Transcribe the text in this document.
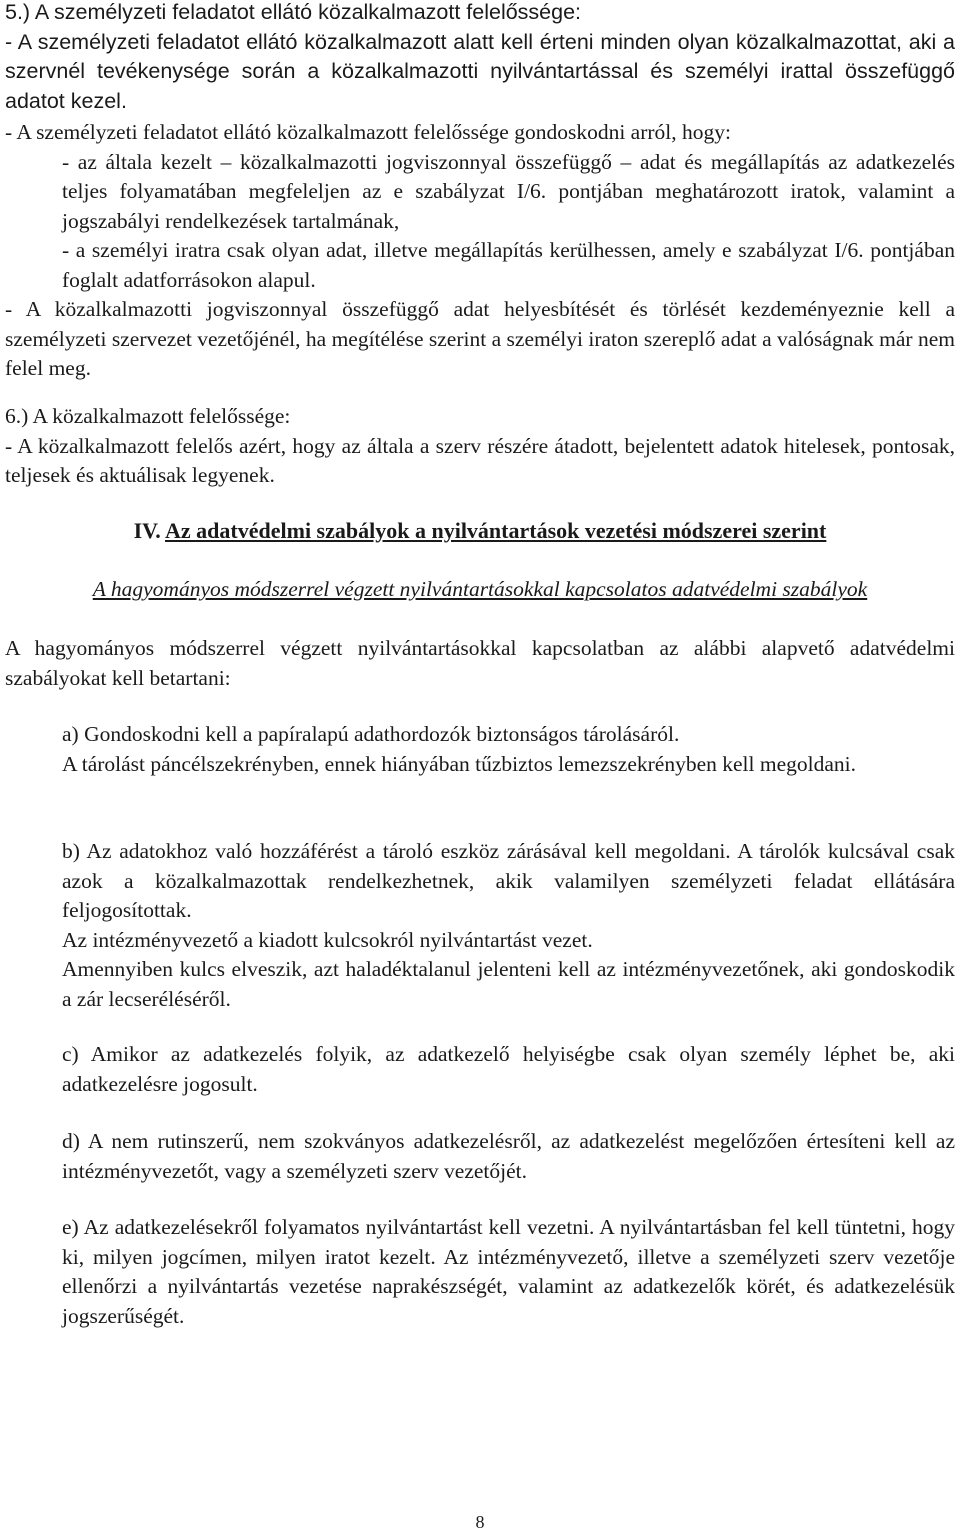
5.) A személyzeti feladatot ellátó közalkalmazott felelőssége:

- A személyzeti feladatot ellátó közalkalmazott alatt kell érteni minden olyan közalkalmazottat, aki a szervnél tevékenysége során a közalkalmazotti nyilvántartással és személyi irattal összefüggő adatot kezel.

- A személyzeti feladatot ellátó közalkalmazott felelőssége gondoskodni arról, hogy:

- az általa kezelt – közalkalmazotti jogviszonnyal összefüggő – adat és megállapítás az adatkezelés teljes folyamatában megfeleljen az e szabályzat I/6. pontjában meghatározott iratok, valamint a jogszabályi rendelkezések tartalmának,

- a személyi iratra csak olyan adat, illetve megállapítás kerülhessen, amely e szabályzat I/6. pontjában foglalt adatforrásokon alapul.

- A közalkalmazotti jogviszonnyal összefüggő adat helyesbítését és törlését kezdeményeznie kell a személyzeti szervezet vezetőjénél, ha megítélése szerint a személyi iraton szereplő adat a valóságnak már nem felel meg.

6.) A közalkalmazott felelőssége:

- A közalkalmazott felelős azért, hogy az általa a szerv részére átadott, bejelentett adatok hitelesek, pontosak, teljesek és aktuálisak legyenek.

IV. Az adatvédelmi szabályok a nyilvántartások vezetési módszerei szerint
A hagyományos módszerrel végzett nyilvántartásokkal kapcsolatos adatvédelmi szabályok

A hagyományos módszerrel végzett nyilvántartásokkal kapcsolatban az alábbi alapvető adatvédelmi szabályokat kell betartani:

a) Gondoskodni kell a papíralapú adathordozók biztonságos tárolásáról.

A tárolást páncélszekrényben, ennek hiányában tűzbiztos lemezszekrényben kell megoldani.

b) Az adatokhoz való hozzáférést a tároló eszköz zárásával kell megoldani. A tárolók kulcsával csak azok a közalkalmazottak rendelkezhetnek, akik valamilyen személyzeti feladat ellátására feljogosítottak.

Az intézményvezető a kiadott kulcsokról nyilvántartást vezet.

Amennyiben kulcs elveszik, azt haladéktalanul jelenteni kell az intézményvezetőnek, aki gondoskodik a zár lecseréléséről.

c) Amikor az adatkezelés folyik, az adatkezelő helyiségbe csak olyan személy léphet be, aki adatkezelésre jogosult.

d) A nem rutinszerű, nem szokványos adatkezelésről, az adatkezelést megelőzően értesíteni kell az intézményvezetőt, vagy a személyzeti szerv vezetőjét.

e) Az adatkezelésekről folyamatos nyilvántartást kell vezetni. A nyilvántartásban fel kell tüntetni, hogy ki, milyen jogcímen, milyen iratot kezelt. Az intézményvezető, illetve a személyzeti szerv vezetője ellenőrzi a nyilvántartás vezetése naprakészségét, valamint az adatkezelők körét, és adatkezelésük jogszerűségét.

8
